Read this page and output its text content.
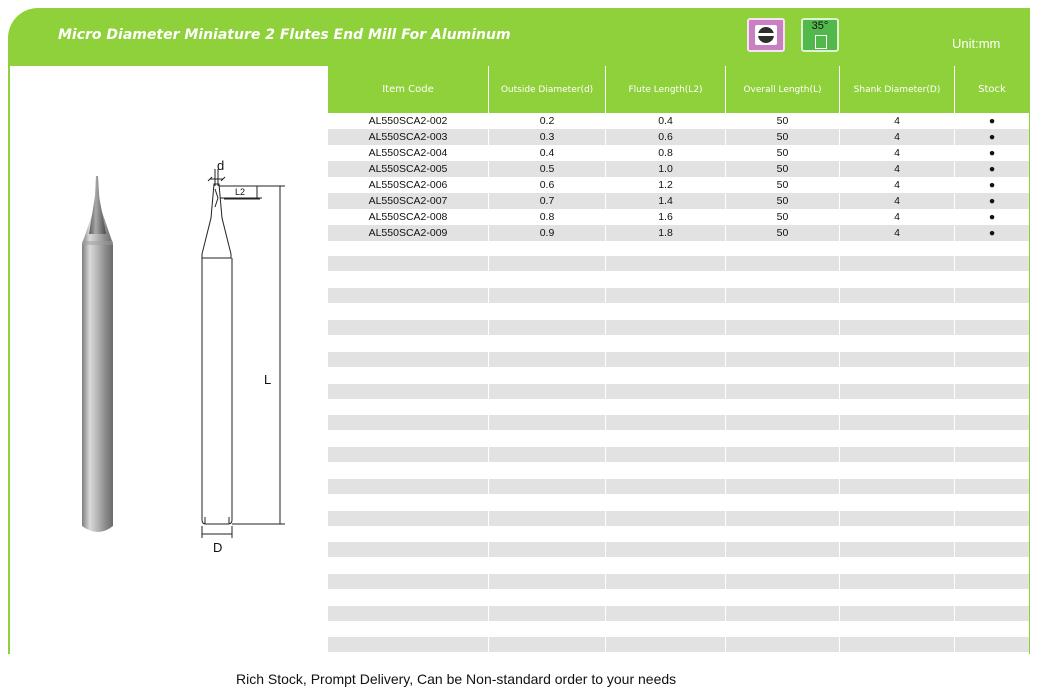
Micro Diameter Miniature 2 Flutes End Mill For Aluminum
35°
Unit:mm
d
L2
L
D
Item Code	Outside Diameter(d)	Flute Length(L2)	Overall Length(L)	Shank Diameter(D)	Stock
AL550SCA2-002	0.2	0.4	50	4	●
AL550SCA2-003	0.3	0.6	50	4	●
AL550SCA2-004	0.4	0.8	50	4	●
AL550SCA2-005	0.5	1.0	50	4	●
AL550SCA2-006	0.6	1.2	50	4	●
AL550SCA2-007	0.7	1.4	50	4	●
AL550SCA2-008	0.8	1.6	50	4	●
AL550SCA2-009	0.9	1.8	50	4	●
Rich Stock, Prompt Delivery, Can be Non-standard order to your needs
